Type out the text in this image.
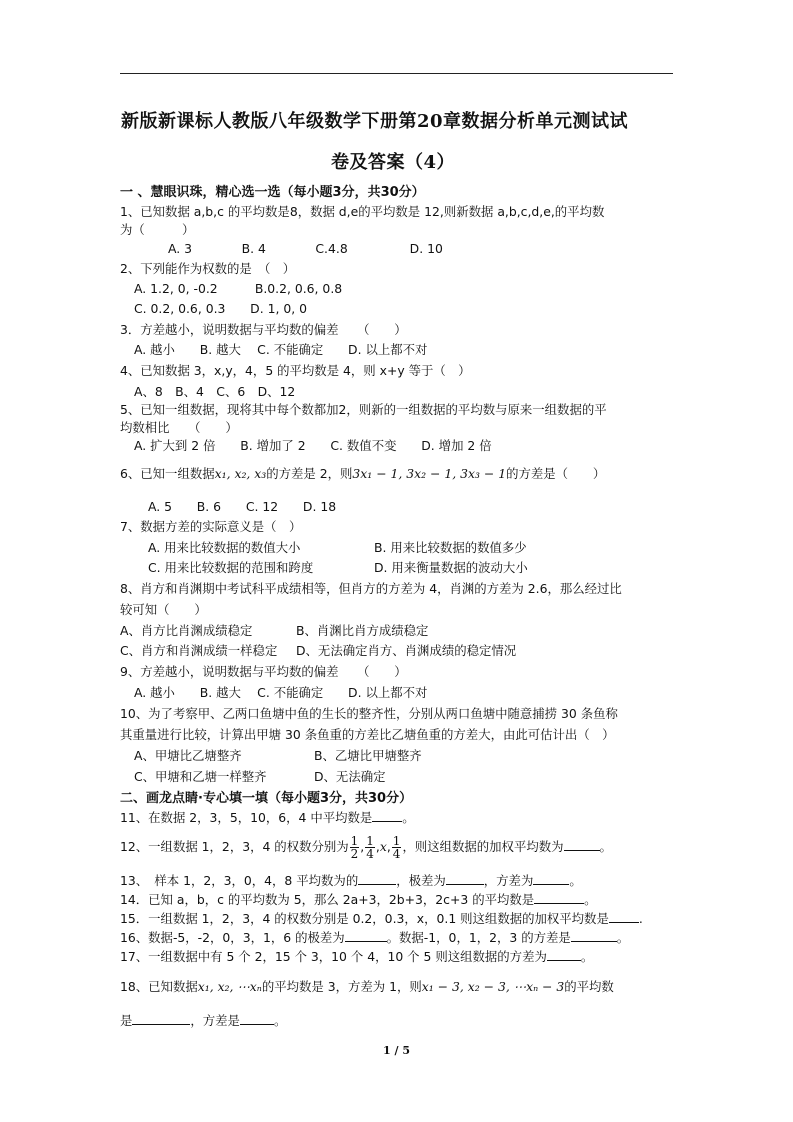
新版新课标人教版八年级数学下册第20章数据分析单元测试试
卷及答案（4）
一 、慧眼识珠，精心选一选（每小题3分，共30分）
1、已知数据 a,b,c 的平均数是8，数据 d,e的平均数是 12,则新数据 a,b,c,d,e,的平均数
为（　　　）
A. 3　　　　B. 4　　　　C.4.8　　　　　D. 10
2、下列能作为权数的是　（　）
A. 1.2, 0, -0.2　　　B.0.2, 0.6, 0.8
C. 0.2, 0.6, 0.3　　D. 1, 0, 0
3．方差越小，说明数据与平均数的偏差　　（　　）
A. 越小　　B. 越大　 C. 不能确定　　D. 以上都不对
4、已知数据 3，x,y，4，5 的平均数是 4，则 x+y 等于（　）
A、8　B、4　C、6　D、12
5、已知一组数据，现将其中每个数都加2，则新的一组数据的平均数与原来一组数据的平
均数相比　　（　　）
A. 扩大到 2 倍　　B. 增加了 2　　C. 数值不变　　D. 增加 2 倍
6、已知一组数据x₁, x₂, x₃的方差是 2，则3x₁ − 1, 3x₂ − 1, 3x₃ − 1的方差是（　　）
A. 5　　B. 6　　C. 12　　D. 18
7、数据方差的实际意义是（　）
A. 用来比较数据的数值大小	B. 用来比较数据的数值多少
C. 用来比较数据的范围和跨度	D. 用来衡量数据的波动大小
8、肖方和肖渊期中考试科平成绩相等，但肖方的方差为 4，肖渊的方差为 2.6，那么经过比
较可知（　　）
A、肖方比肖渊成绩稳定	B、肖渊比肖方成绩稳定
C、肖方和肖渊成绩一样稳定 D、无法确定肖方、肖渊成绩的稳定情况
9、方差越小，说明数据与平均数的偏差　　（　　）
A. 越小　　B. 越大　 C. 不能确定　　D. 以上都不对
10、为了考察甲、乙两口鱼塘中鱼的生长的整齐性，分别从两口鱼塘中随意捕捞 30 条鱼称
其重量进行比较，计算出甲塘 30 条鱼重的方差比乙塘鱼重的方差大，由此可估计出（　）
A、甲塘比乙塘整齐	B、乙塘比甲塘整齐
C、甲塘和乙塘一样整齐	D、无法确定
二、画龙点睛·专心填一填（每小题3分，共30分）
11、在数据 2，3，5，10，6，4 中平均数是 。
12、一组数据 1，2，3，4 的权数分别为 $\frac{1}{2}$ , $\frac{1}{4} ,x$, $\frac{1}{4}$ ，则这组数据的加权平均数为	。
13、　样本 1，2，3，0，4，8 平均数为的	，极差为	，方差为	。
14．已知 a，b，c 的平均数为 5，那么 2a+3，2b+3，2c+3 的平均数是	。
15．一组数据 1，2，3，4 的权数分别是 0.2，0.3，x，0.1 则这组数据的加权平均数是 .
16、数据-5，-2，0，3，1，6 的极差为	。数据-1，0，1，2，3 的方差是	。
17、一组数据中有 5 个 2，15 个 3，10 个 4，10 个 5 则这组数据的方差为	。
18、已知数据x₁, x₂, ⋯xₙ的平均数是 3，方差为 1，则x₁ − 3, x₂ − 3, ⋯xₙ − 3的平均数
是	，方差是	。
1 / 5
